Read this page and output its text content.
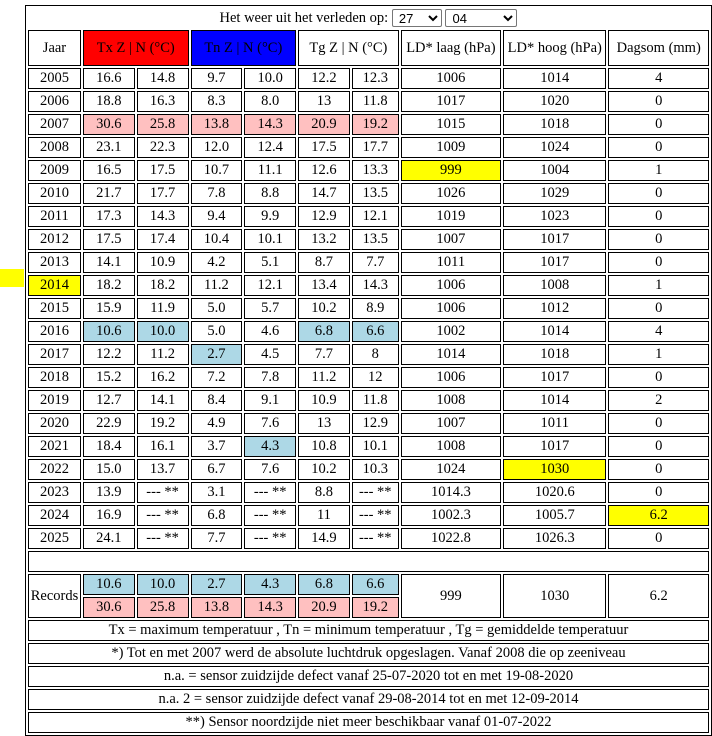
Het weer uit het verleden op:
27
04
Jaar	Tx Z | N (°C)		Tn Z | N (°C)		Tg Z | N (°C)		LD* laag (hPa)	LD* hoog (hPa)	Dagsom (mm)
2005	16.6	14.8	9.7	10.0	12.2	12.3	1006	1014	4
2006	18.8	16.3	8.3	8.0	13	11.8	1017	1020	0
2007	30.6	25.8	13.8	14.3	20.9	19.2	1015	1018	0
2008	23.1	22.3	12.0	12.4	17.5	17.7	1009	1024	0
2009	16.5	17.5	10.7	11.1	12.6	13.3	999	1004	1
2010	21.7	17.7	7.8	8.8	14.7	13.5	1026	1029	0
2011	17.3	14.3	9.4	9.9	12.9	12.1	1019	1023	0
2012	17.5	17.4	10.4	10.1	13.2	13.5	1007	1017	0
2013	14.1	10.9	4.2	5.1	8.7	7.7	1011	1017	0
2014	18.2	18.2	11.2	12.1	13.4	14.3	1006	1008	1
2015	15.9	11.9	5.0	5.7	10.2	8.9	1006	1012	0
2016	10.6	10.0	5.0	4.6	6.8	6.6	1002	1014	4
2017	12.2	11.2	2.7	4.5	7.7	8	1014	1018	1
2018	15.2	16.2	7.2	7.8	11.2	12	1006	1017	0
2019	12.7	14.1	8.4	9.1	10.9	11.8	1008	1014	2
2020	22.9	19.2	4.9	7.6	13	12.9	1007	1011	0
2021	18.4	16.1	3.7	4.3	10.8	10.1	1008	1017	0
2022	15.0	13.7	6.7	7.6	10.2	10.3	1024	1030	0
2023	13.9	--- **	3.1	--- **	8.8	--- **	1014.3	1020.6	0
2024	16.9	--- **	6.8	--- **	11	--- **	1002.3	1005.7	6.2
2025	24.1	--- **	7.7	--- **	14.9	--- **	1022.8	1026.3	0

Records	10.6	10.0	2.7	4.3	6.8	6.6	999	1030	6.2
	30.6	25.8	13.8	14.3	20.9	19.2			
Tx = maximum temperatuur , Tn = minimum temperatuur , Tg = gemiddelde temperatuur									
*) Tot en met 2007 werd de absolute luchtdruk opgeslagen. Vanaf 2008 die op zeeniveau									
n.a. = sensor zuidzijde defect vanaf 25-07-2020 tot en met 19-08-2020									
n.a. 2 = sensor zuidzijde defect vanaf 29-08-2014 tot en met 12-09-2014									
**) Sensor noordzijde niet meer beschikbaar vanaf 01-07-2022									
